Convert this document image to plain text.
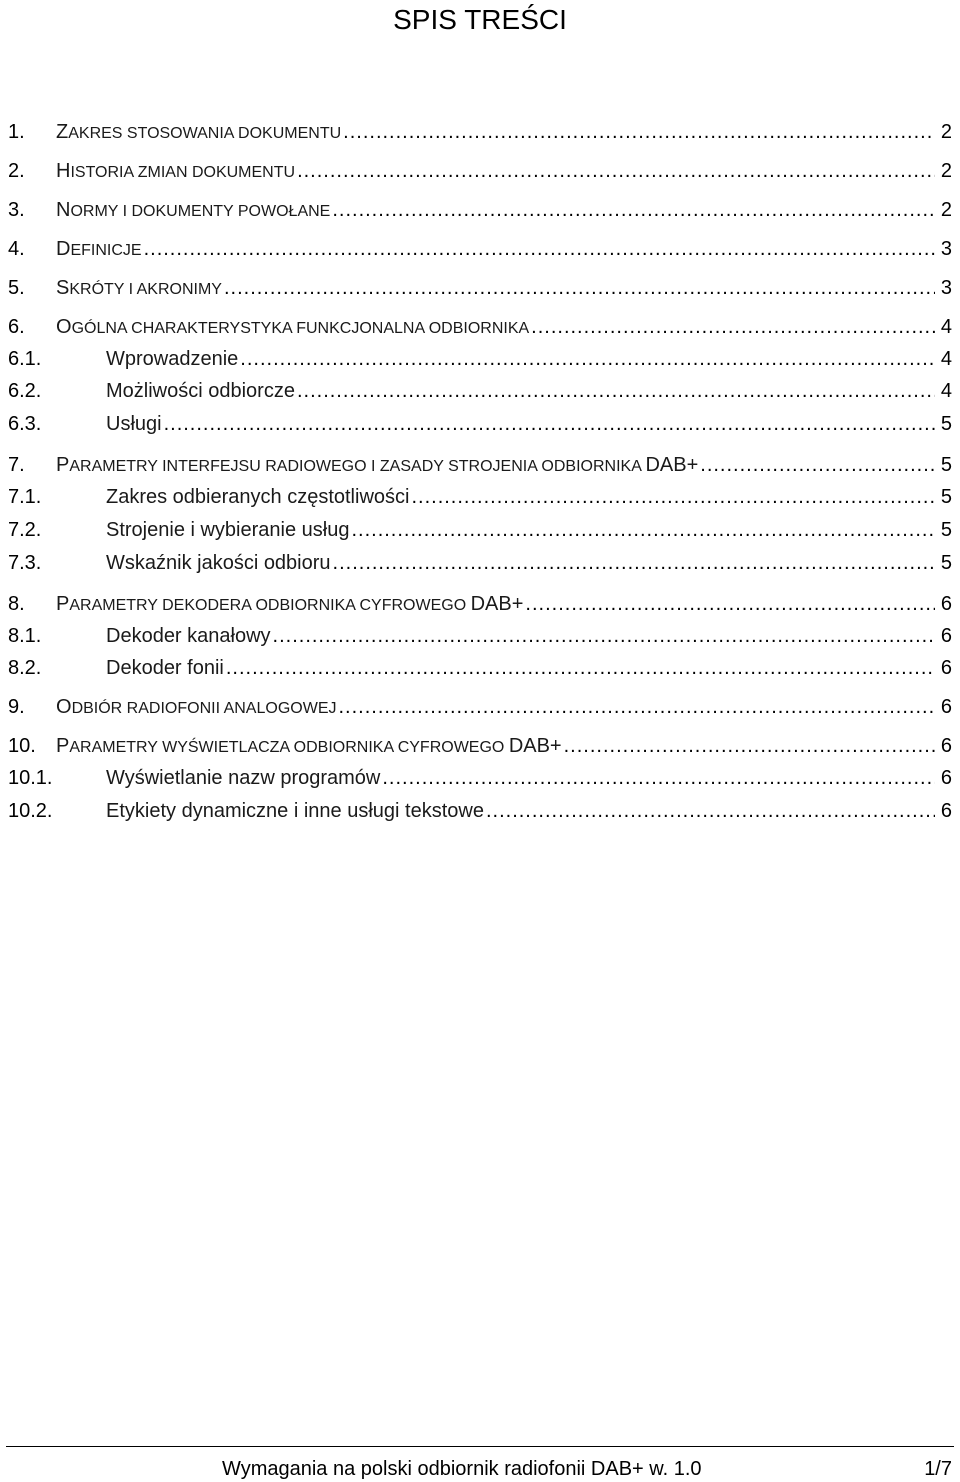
SPIS TREŚCI
1.	ZAKRES STOSOWANIA DOKUMENTU .....	2
2.	HISTORIA ZMIAN DOKUMENTU .....	2
3.	NORMY I DOKUMENTY POWOŁANE .....	2
4.	DEFINICJE .....	3
5.	SKRÓTY I AKRONIMY .....	3
6.	OGÓLNA CHARAKTERYSTYKA FUNKCJONALNA ODBIORNIKA .....	4
6.1.	Wprowadzenie .....	4
6.2.	Możliwości odbiorcze .....	4
6.3.	Usługi .....	5
7.	PARAMETRY INTERFEJSU RADIOWEGO I ZASADY STROJENIA ODBIORNIKA DAB+ .....	5
7.1.	Zakres odbieranych częstotliwości .....	5
7.2.	Strojenie i wybieranie usług .....	5
7.3.	Wskaźnik jakości odbioru .....	5
8.	PARAMETRY DEKODERA ODBIORNIKA CYFROWEGO DAB+ .....	6
8.1.	Dekoder kanałowy .....	6
8.2.	Dekoder fonii .....	6
9.	ODBIÓR RADIOFONII ANALOGOWEJ .....	6
10.	PARAMETRY WYŚWIETLACZA ODBIORNIKA CYFROWEGO DAB+ .....	6
10.1.	Wyświetlanie nazw programów .....	6
10.2.	Etykiety dynamiczne i inne usługi tekstowe .....	6
Wymagania na polski odbiornik radiofonii DAB+ w. 1.0	1/7
